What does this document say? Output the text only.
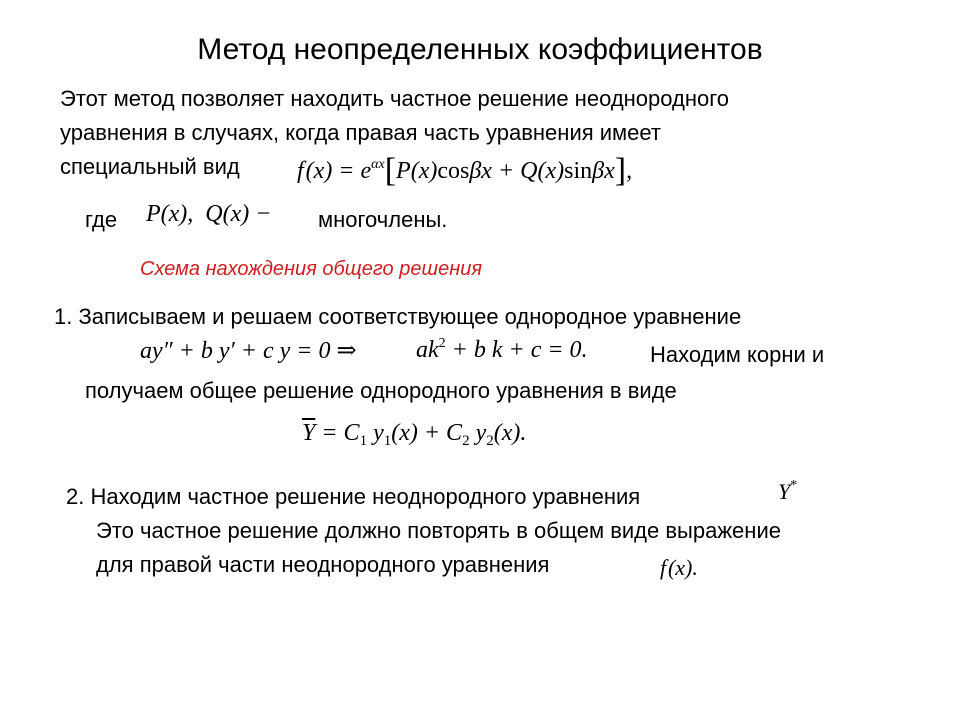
Метод неопределенных коэффициентов
Этот метод позволяет находить частное решение неоднородного
уравнения в случаях, когда правая часть уравнения имеет
специальный вид f $(x) = e^{\alpha x}[P(x)\cos\beta x + Q(x)\sin\beta x]$,
где P(x),  Q(x) − многочлены.
Схема нахождения общего решения
1. Записываем и решаем соответствующее однородное уравнение
ay″ + b y′ + c y = 0 ⇒ $ak^2 + b$ k + c = 0.	Находим корни и
получаем общее решение однородного уравнения в виде
$\overline{Y} = C_1$ $y_1(x) + C_2$ $y_2(x)$.
2. Находим частное решение неоднородного уравнения	Y*
Это частное решение должно повторять в общем виде выражение
для правой части неоднородного уравнения	f (x).
